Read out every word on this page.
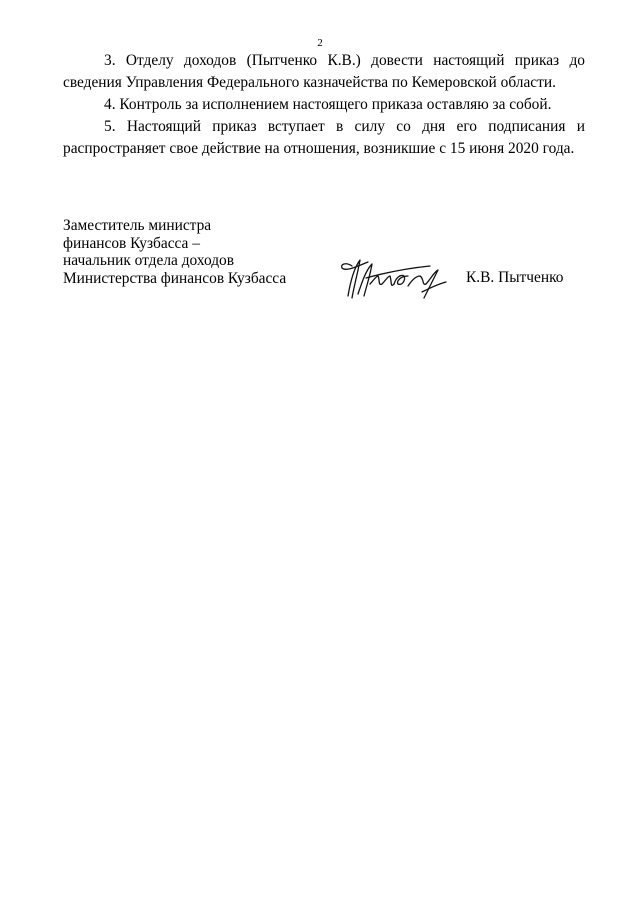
2

3. Отделу доходов (Пытченко К.В.) довести настоящий приказ до сведения Управления Федерального казначейства по Кемеровской области.

4. Контроль за исполнением настоящего приказа оставляю за собой.

5. Настоящий приказ вступает в силу со дня его подписания и распространяет свое действие на отношения, возникшие с 15 июня 2020 года.

Заместитель министра
финансов Кузбасса –
начальник отдела доходов
Министерства финансов Кузбасса	К.В. Пытченко
